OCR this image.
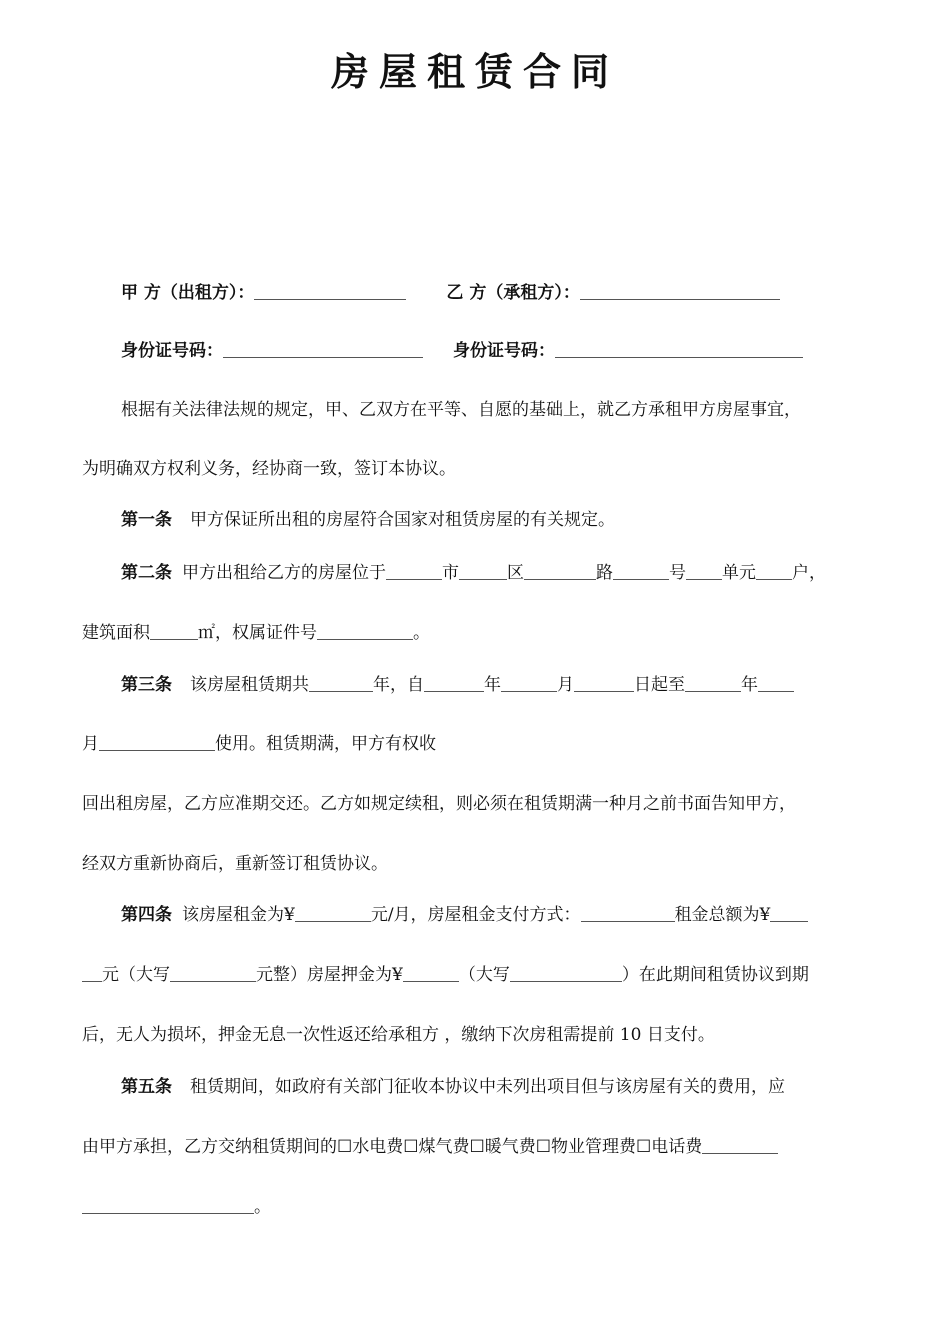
房屋租赁合同
甲 方（出租方）：	乙 方（承租方）：
身份证号码：	身份证号码：
根据有关法律法规的规定，甲、乙双方在平等、自愿的基础上，就乙方承租甲方房屋事宜，
为明确双方权利义务，经协商一致，签订本协议。
第一条 甲方保证所出租的房屋符合国家对租赁房屋的有关规定。
第二条 甲方出租给乙方的房屋位于	市	区	路	号 单元 户，
建筑面积	㎡，权属证件号	。
第三条 该房屋租赁期共	年，自	年	月	日起至	年
月	使用。租赁期满，甲方有权收
回出租房屋，乙方应准期交还。乙方如规定续租，则必须在租赁期满一种月之前书面告知甲方，
经双方重新协商后，重新签订租赁协议。
第四条 该房屋租金为¥	元/月，房屋租金支付方式：	租金总额为¥
元（大写	元整）房屋押金为¥	（大写	）在此期间租赁协议到期
后，无人为损坏，押金无息一次性返还给承租方 ，缴纳下次房租需提前 10 日支付。
第五条 租赁期间，如政府有关部门征收本协议中未列出项目但与该房屋有关的费用，应
由甲方承担，乙方交纳租赁期间的☐水电费☐煤气费☐暖气费☐物业管理费☐电话费
。
